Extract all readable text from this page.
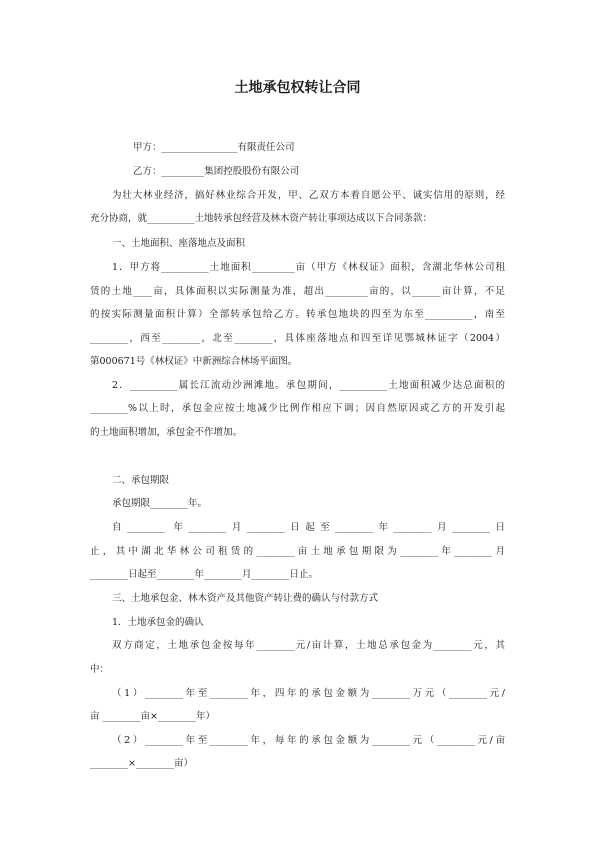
土地承包权转让合同
甲方：________________有限责任公司
乙方：_________集团控股股份有限公司
为壮大林业经济，搞好林业综合开发，甲、乙双方本着自愿公平、诚实信用的原则，经
充分协商，就__________土地转承包经营及林木资产转让事项达成以下合同条款：
一、土地面积、座落地点及面积
1．甲方将__________土地面积_________亩（甲方《林权证》面积，含湖北华林公司租
赁的土地____亩，具体面积以实际测量为准，超出_________亩的，以______亩计算，不足
的按实际测量面积计算）全部转承包给乙方。转承包地块的四至为东至__________，南至
________，西至________，北至________，具体座落地点和四至详见鄂城林证字（2004）
第000671号《林权证》中新洲综合林场平面图。
2．__________属长江流动沙洲滩地。承包期间，__________土地面积减少达总面积的
________%以上时，承包金应按土地减少比例作相应下调；因自然原因或乙方的开发引起
的土地面积增加，承包金不作增加。
二、承包期限
承包期限________年。
自________ 年________月________日起至________年________月________日
止，其中湖北华林公司租赁的________亩土地承包期限为________年________月
________日起至________年________月________日止。
三、土地承包金、林木资产及其他资产转让费的确认与付款方式
1．土地承包金的确认
双方商定，土地承包金按每年________元/亩计算，土地总承包金为________元，其
中：
（1）________年至________年，四年的承包金额为________万元（________元/
亩 ________亩×________年）
（2）________年至________年，每年的承包金额为________元（________元/亩
________×________亩）
